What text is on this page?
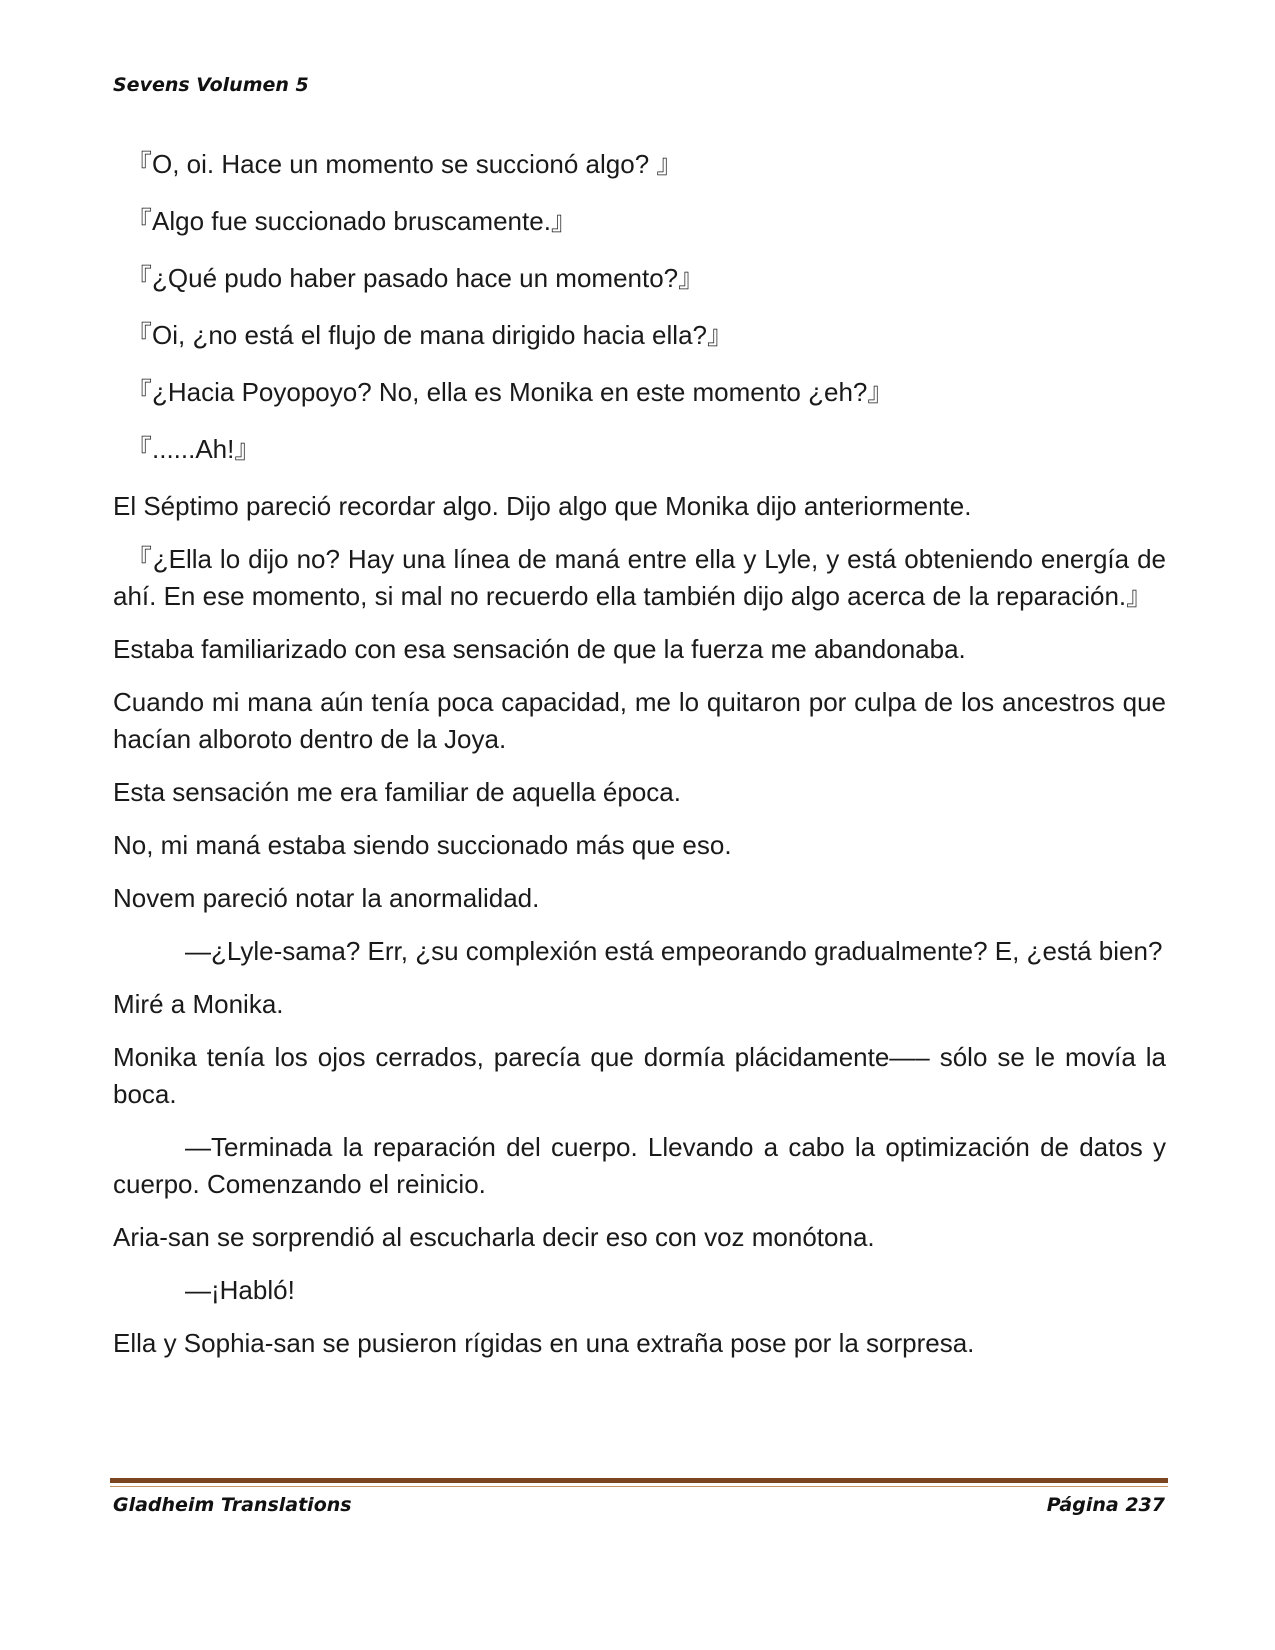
Sevens Volumen 5

『O, oi. Hace un momento se succionó algo? 』

『Algo fue succionado bruscamente.』

『¿Qué pudo haber pasado hace un momento?』

『Oi, ¿no está el flujo de mana dirigido hacia ella?』

『¿Hacia Poyopoyo? No, ella es Monika en este momento ¿eh?』

『......Ah!』

El Séptimo pareció recordar algo. Dijo algo que Monika dijo anteriormente.

『¿Ella lo dijo no? Hay una línea de maná entre ella y Lyle, y está obteniendo energía de ahí. En ese momento, si mal no recuerdo ella también dijo algo acerca de la reparación.』

Estaba familiarizado con esa sensación de que la fuerza me abandonaba.

Cuando mi mana aún tenía poca capacidad, me lo quitaron por culpa de los ancestros que hacían alboroto dentro de la Joya.

Esta sensación me era familiar de aquella época.

No, mi maná estaba siendo succionado más que eso.

Novem pareció notar la anormalidad.

—¿Lyle-sama? Err, ¿su complexión está empeorando gradualmente? E, ¿está bien?

Miré a Monika.

Monika tenía los ojos cerrados, parecía que dormía plácidamente—– sólo se le movía la boca.

—Terminada la reparación del cuerpo. Llevando a cabo la optimización de datos y cuerpo. Comenzando el reinicio.

Aria-san se sorprendió al escucharla decir eso con voz monótona.

—¡Habló!

Ella y Sophia-san se pusieron rígidas en una extraña pose por la sorpresa.

Gladheim Translations	Página 237
